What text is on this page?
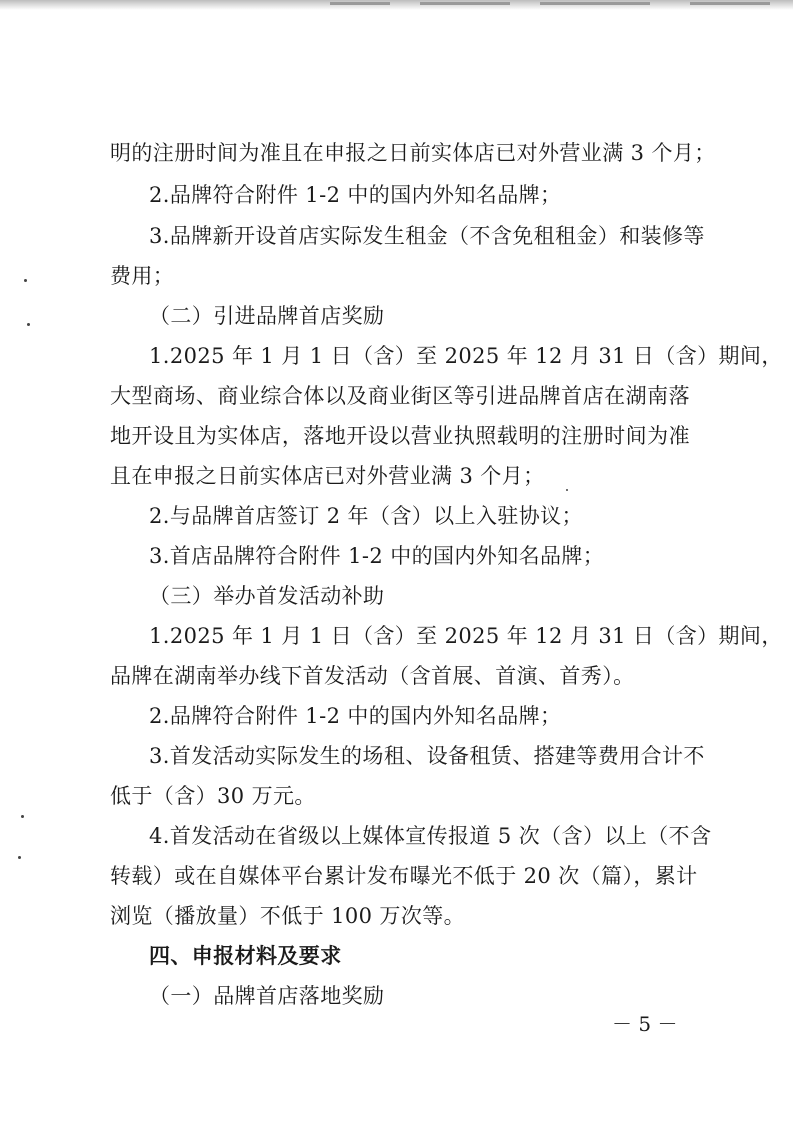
明的注册时间为准且在申报之日前实体店已对外营业满 3 个月；
2.品牌符合附件 1-2 中的国内外知名品牌；
3.品牌新开设首店实际发生租金（不含免租租金）和装修等
费用；
（二）引进品牌首店奖励
1.2025 年 1 月 1 日（含）至 2025 年 12 月 31 日（含）期间，
大型商场、商业综合体以及商业街区等引进品牌首店在湖南落
地开设且为实体店，落地开设以营业执照载明的注册时间为准
且在申报之日前实体店已对外营业满 3 个月；
2.与品牌首店签订 2 年（含）以上入驻协议；
3.首店品牌符合附件 1-2 中的国内外知名品牌；
（三）举办首发活动补助
1.2025 年 1 月 1 日（含）至 2025 年 12 月 31 日（含）期间，
品牌在湖南举办线下首发活动（含首展、首演、首秀）。
2.品牌符合附件 1-2 中的国内外知名品牌；
3.首发活动实际发生的场租、设备租赁、搭建等费用合计不
低于（含）30 万元。
4.首发活动在省级以上媒体宣传报道 5 次（含）以上（不含
转载）或在自媒体平台累计发布曝光不低于 20 次（篇），累计
浏览（播放量）不低于 100 万次等。
四、申报材料及要求
（一）品牌首店落地奖励
－ 5 －
